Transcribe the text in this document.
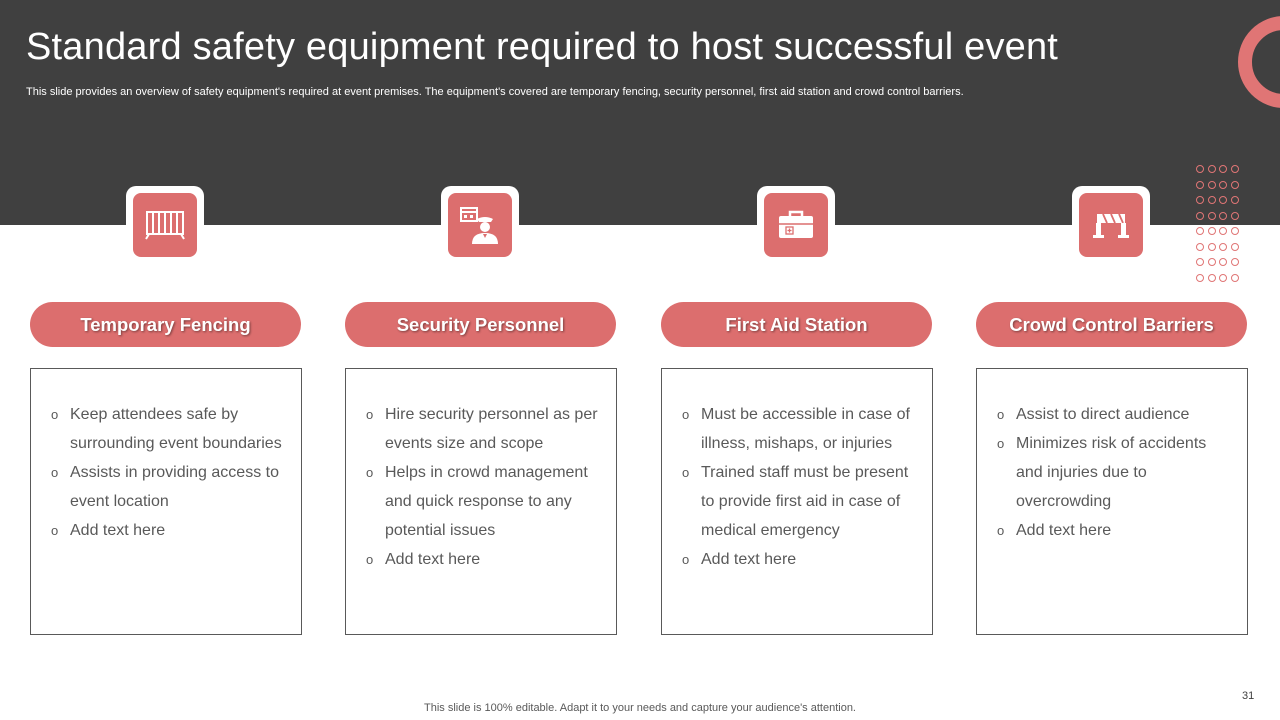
Standard safety equipment required to host successful event
This slide provides an overview of safety equipment's required at event premises. The equipment's covered are temporary fencing, security personnel, first aid station and crowd control barriers.
Temporary Fencing
o Keep attendees safe by surrounding event boundaries
o Assists in providing access to event location
o Add text here
Security Personnel
o Hire security personnel as per events size and scope
o Helps in crowd management and quick response to any potential issues
o Add text here
First Aid Station
o Must be accessible in case of illness, mishaps, or injuries
o Trained staff must be present to provide first aid in case of medical emergency
o Add text here
Crowd Control Barriers
o Assist to direct audience
o Minimizes risk of accidents and injuries due to overcrowding
o Add text here
This slide is 100% editable. Adapt it to your needs and capture your audience's attention.
31
